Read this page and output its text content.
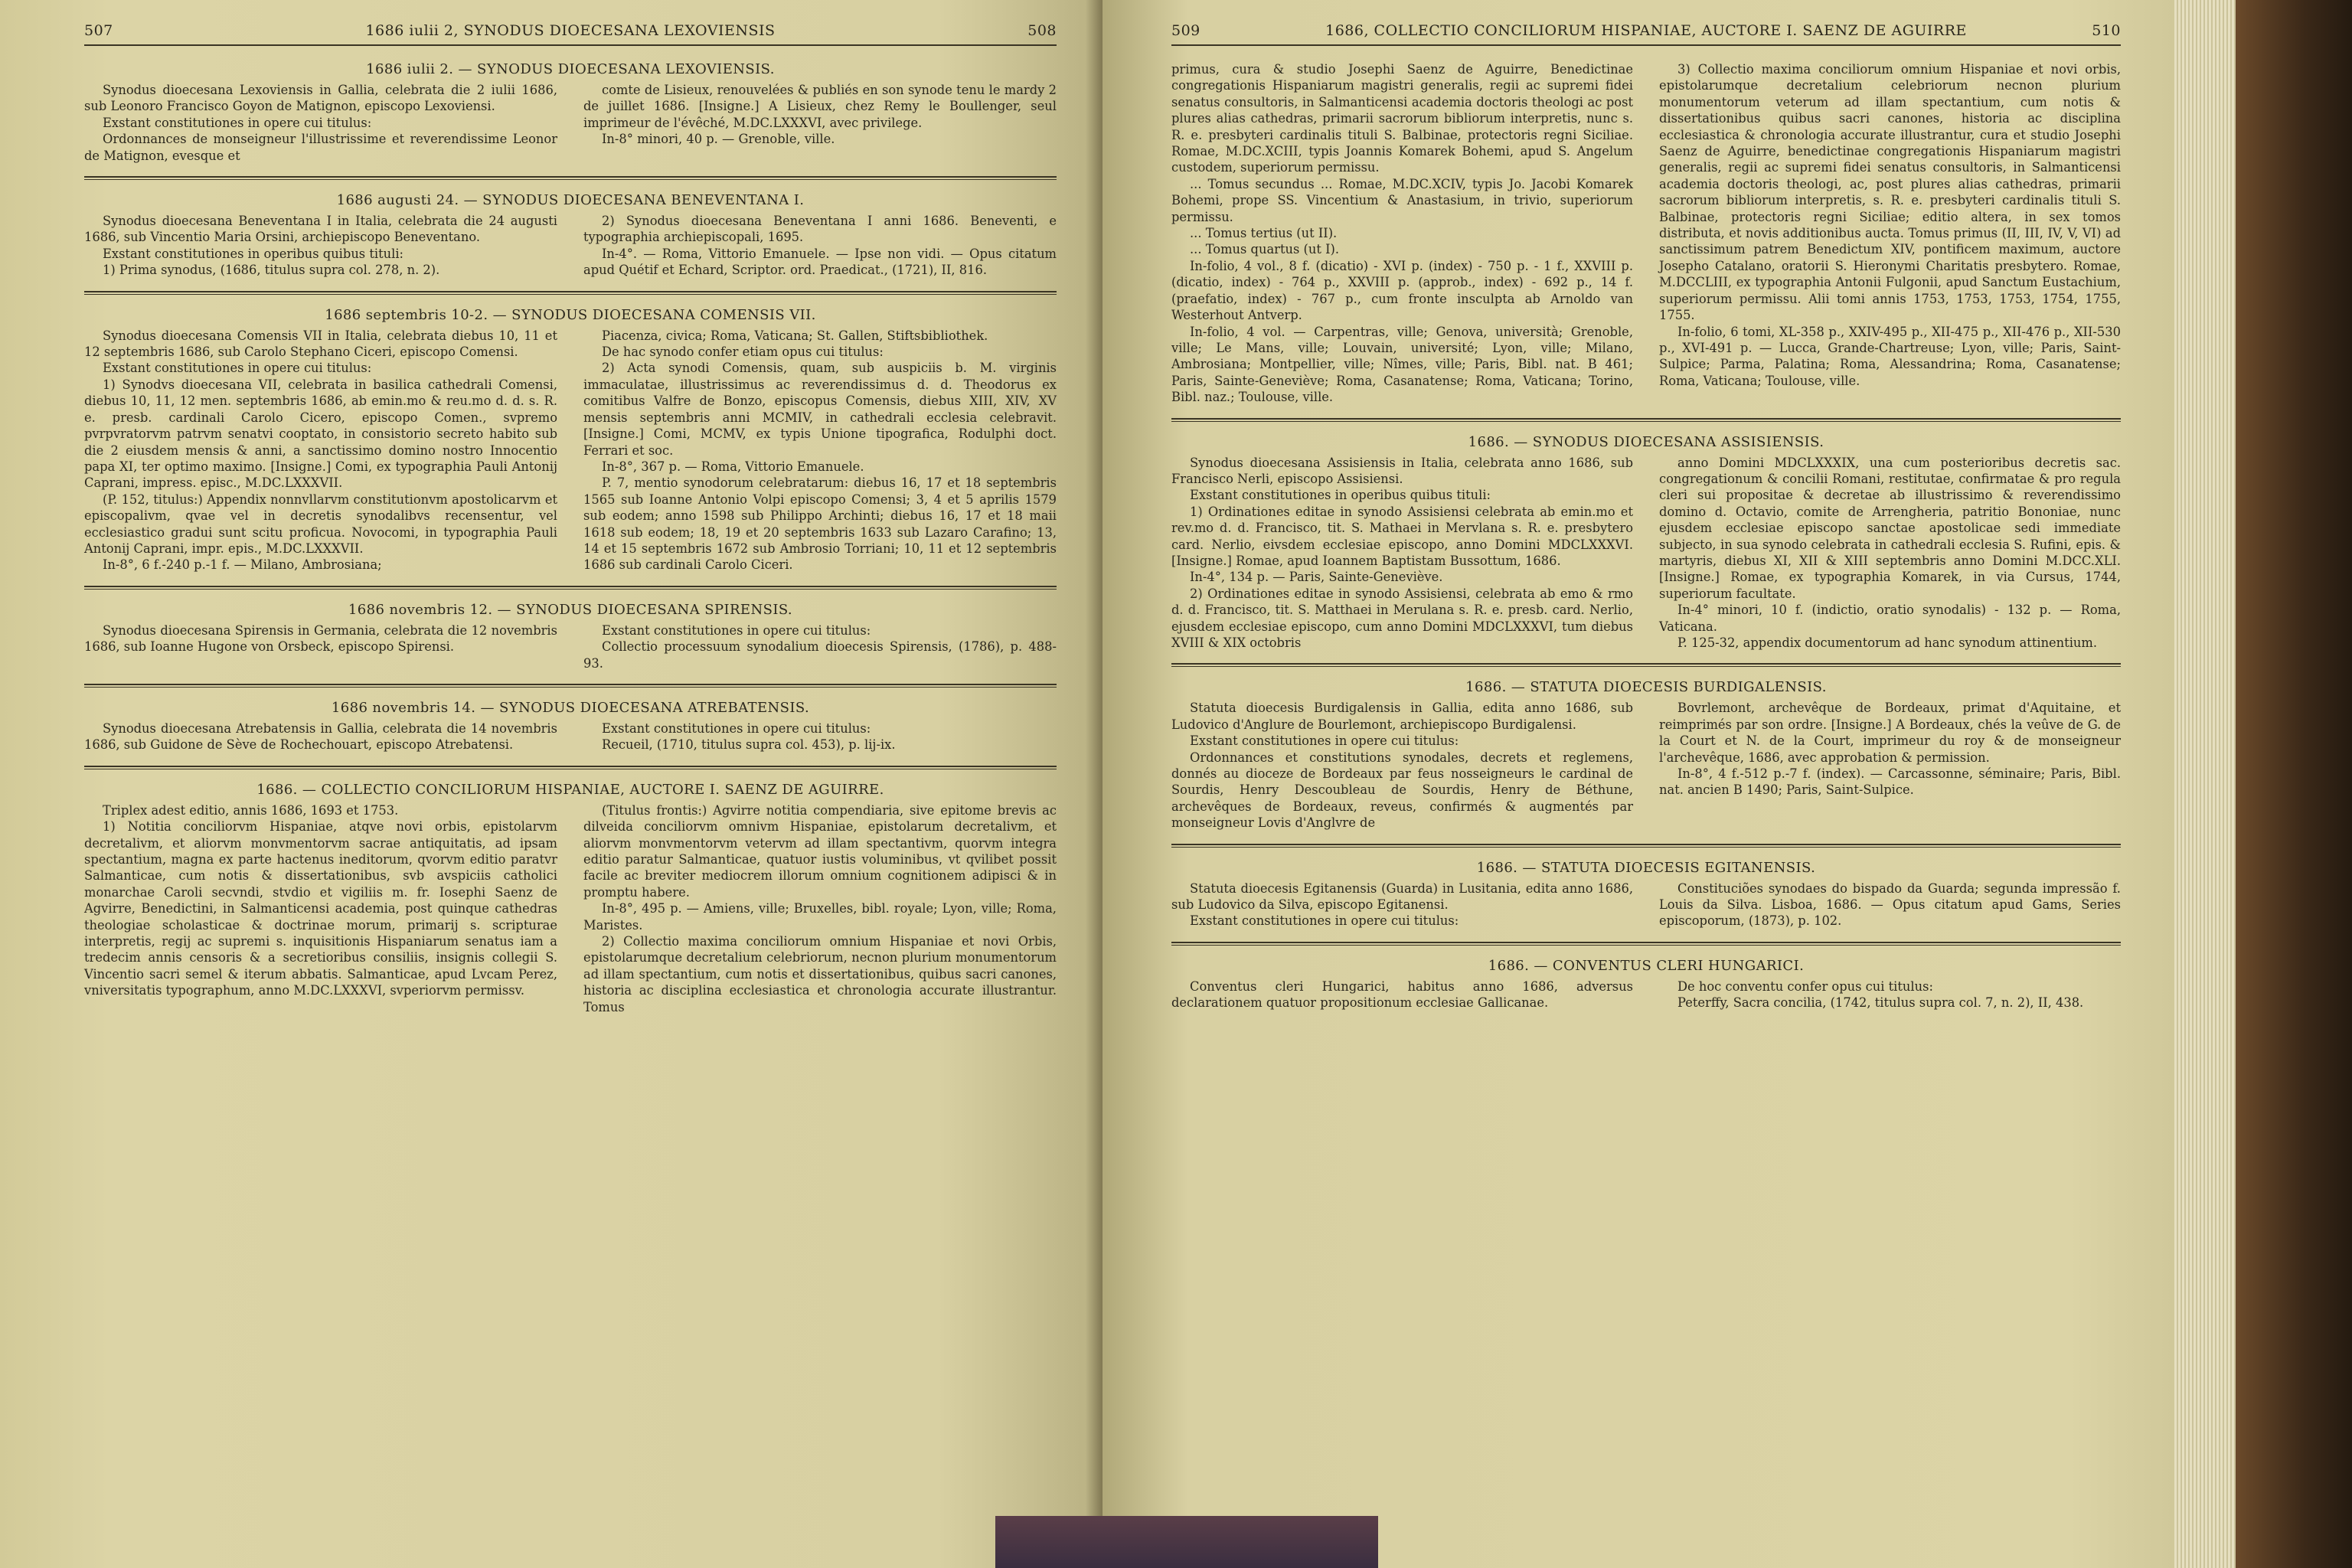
507	1686 iulii 2, SYNODUS DIOECESANA LEXOVIENSIS	508
1686 iulii 2. — SYNODUS DIOECESANA LEXOVIENSIS.

Synodus dioecesana Lexoviensis in Gallia, celebrata die 2 iulii 1686, sub Leonoro Francisco Goyon de Matignon, episcopo Lexoviensi.

Exstant constitutiones in opere cui titulus:

Ordonnances de monseigneur l'illustrissime et reverendissime Leonor de Matignon, evesque et

comte de Lisieux, renouvelées & publiés en son synode tenu le mardy 2 de juillet 1686. [Insigne.] A Lisieux, chez Remy le Boullenger, seul imprimeur de l'évêché, M.DC.LXXXVI, avec privilege.

In-8° minori, 40 p. — Grenoble, ville.

1686 augusti 24. — SYNODUS DIOECESANA BENEVENTANA I.

Synodus dioecesana Beneventana I in Italia, celebrata die 24 augusti 1686, sub Vincentio Maria Orsini, archiepiscopo Beneventano.

Exstant constitutiones in operibus quibus tituli:

1) Prima synodus, (1686, titulus supra col. 278, n. 2).

2) Synodus dioecesana Beneventana I anni 1686. Beneventi, e typographia archiepiscopali, 1695.

In-4°. — Roma, Vittorio Emanuele. — Ipse non vidi. — Opus citatum apud Quétif et Echard, Scriptor. ord. Praedicat., (1721), II, 816.

1686 septembris 10-2. — SYNODUS DIOECESANA COMENSIS VII.

Synodus dioecesana Comensis VII in Italia, celebrata diebus 10, 11 et 12 septembris 1686, sub Carolo Stephano Ciceri, episcopo Comensi.

Exstant constitutiones in opere cui titulus:

1) Synodvs dioecesana VII, celebrata in basilica cathedrali Comensi, diebus 10, 11, 12 men. septembris 1686, ab emin.mo & reu.mo d. d. s. R. e. presb. cardinali Carolo Cicero, episcopo Comen., svpremo pvrpvratorvm patrvm senatvi cooptato, in consistorio secreto habito sub die 2 eiusdem mensis & anni, a sanctissimo domino nostro Innocentio papa XI, ter optimo maximo. [Insigne.] Comi, ex typographia Pauli Antonij Caprani, impress. episc., M.DC.LXXXVII.

(P. 152, titulus:) Appendix nonnvllarvm constitutionvm apostolicarvm et episcopalivm, qvae vel in decretis synodalibvs recensentur, vel ecclesiastico gradui sunt scitu proficua. Novocomi, in typographia Pauli Antonij Caprani, impr. epis., M.DC.LXXXVII.

In-8°, 6 f.-240 p.-1 f. — Milano, Ambrosiana;

Piacenza, civica; Roma, Vaticana; St. Gallen, Stiftsbibliothek.

De hac synodo confer etiam opus cui titulus:

2) Acta synodi Comensis, quam, sub auspiciis b. M. virginis immaculatae, illustrissimus ac reverendissimus d. d. Theodorus ex comitibus Valfre de Bonzo, episcopus Comensis, diebus XIII, XIV, XV mensis septembris anni MCMIV, in cathedrali ecclesia celebravit. [Insigne.] Comi, MCMV, ex typis Unione tipografica, Rodulphi doct. Ferrari et soc.

In-8°, 367 p. — Roma, Vittorio Emanuele.

P. 7, mentio synodorum celebratarum: diebus 16, 17 et 18 septembris 1565 sub Ioanne Antonio Volpi episcopo Comensi; 3, 4 et 5 aprilis 1579 sub eodem; anno 1598 sub Philippo Archinti; diebus 16, 17 et 18 maii 1618 sub eodem; 18, 19 et 20 septembris 1633 sub Lazaro Carafino; 13, 14 et 15 septembris 1672 sub Ambrosio Torriani; 10, 11 et 12 septembris 1686 sub cardinali Carolo Ciceri.

1686 novembris 12. — SYNODUS DIOECESANA SPIRENSIS.

Synodus dioecesana Spirensis in Germania, celebrata die 12 novembris 1686, sub Ioanne Hugone von Orsbeck, episcopo Spirensi.

Exstant constitutiones in opere cui titulus:

Collectio processuum synodalium dioecesis Spirensis, (1786), p. 488-93.

1686 novembris 14. — SYNODUS DIOECESANA ATREBATENSIS.

Synodus dioecesana Atrebatensis in Gallia, celebrata die 14 novembris 1686, sub Guidone de Sève de Rochechouart, episcopo Atrebatensi.

Exstant constitutiones in opere cui titulus:

Recueil, (1710, titulus supra col. 453), p. lij-ix.

1686. — COLLECTIO CONCILIORUM HISPANIAE, AUCTORE I. SAENZ DE AGUIRRE.

Triplex adest editio, annis 1686, 1693 et 1753.

1) Notitia conciliorvm Hispaniae, atqve novi orbis, epistolarvm decretalivm, et aliorvm monvmentorvm sacrae antiquitatis, ad ipsam spectantium, magna ex parte hactenus ineditorum, qvorvm editio paratvr Salmanticae, cum notis & dissertationibus, svb avspiciis catholici monarchae Caroli secvndi, stvdio et vigiliis m. fr. Iosephi Saenz de Agvirre, Benedictini, in Salmanticensi academia, post quinque cathedras theologiae scholasticae & doctrinae morum, primarij s. scripturae interpretis, regij ac supremi s. inquisitionis Hispaniarum senatus iam a tredecim annis censoris & a secretioribus consiliis, insignis collegii S. Vincentio sacri semel & iterum abbatis. Salmanticae, apud Lvcam Perez, vniversitatis typographum, anno M.DC.LXXXVI, svperiorvm permissv.

(Titulus frontis:) Agvirre notitia compendiaria, sive epitome brevis ac dilveida conciliorvm omnivm Hispaniae, epistolarum decretalivm, et aliorvm monvmentorvm vetervm ad illam spectantivm, quorvm integra editio paratur Salmanticae, quatuor iustis voluminibus, vt qvilibet possit facile ac breviter mediocrem illorum omnium cognitionem adipisci & in promptu habere.

In-8°, 495 p. — Amiens, ville; Bruxelles, bibl. royale; Lyon, ville; Roma, Maristes.

2) Collectio maxima conciliorum omnium Hispaniae et novi Orbis, epistolarumque decretalium celebriorum, necnon plurium monumentorum ad illam spectantium, cum notis et dissertationibus, quibus sacri canones, historia ac disciplina ecclesiastica et chronologia accurate illustrantur. Tomus

509	1686, COLLECTIO CONCILIORUM HISPANIAE, AUCTORE I. SAENZ DE AGUIRRE	510

primus, cura & studio Josephi Saenz de Aguirre, Benedictinae congregationis Hispaniarum magistri generalis, regii ac supremi fidei senatus consultoris, in Salmanticensi academia doctoris theologi ac post plures alias cathedras, primarii sacrorum bibliorum interpretis, nunc s. R. e. presbyteri cardinalis tituli S. Balbinae, protectoris regni Siciliae. Romae, M.DC.XCIII, typis Joannis Komarek Bohemi, apud S. Angelum custodem, superiorum permissu.

... Tomus secundus ... Romae, M.DC.XCIV, typis Jo. Jacobi Komarek Bohemi, prope SS. Vincentium & Anastasium, in trivio, superiorum permissu.

... Tomus tertius (ut II).

... Tomus quartus (ut I).

In-folio, 4 vol., 8 f. (dicatio) - XVI p. (index) - 750 p. - 1 f., XXVIII p. (dicatio, index) - 764 p., XXVIII p. (approb., index) - 692 p., 14 f. (praefatio, index) - 767 p., cum fronte insculpta ab Arnoldo van Westerhout Antverp.

In-folio, 4 vol. — Carpentras, ville; Genova, università; Grenoble, ville; Le Mans, ville; Louvain, université; Lyon, ville; Milano, Ambrosiana; Montpellier, ville; Nîmes, ville; Paris, Bibl. nat. B 461; Paris, Sainte-Geneviève; Roma, Casanatense; Roma, Vaticana; Torino, Bibl. naz.; Toulouse, ville.

3) Collectio maxima conciliorum omnium Hispaniae et novi orbis, epistolarumque decretalium celebriorum necnon plurium monumentorum veterum ad illam spectantium, cum notis & dissertationibus quibus sacri canones, historia ac disciplina ecclesiastica & chronologia accurate illustrantur, cura et studio Josephi Saenz de Aguirre, benedictinae congregationis Hispaniarum magistri generalis, regii ac supremi fidei senatus consultoris, in Salmanticensi academia doctoris theologi, ac, post plures alias cathedras, primarii sacrorum bibliorum interpretis, s. R. e. presbyteri cardinalis tituli S. Balbinae, protectoris regni Siciliae; editio altera, in sex tomos distributa, et novis additionibus aucta. Tomus primus (II, III, IV, V, VI) ad sanctissimum patrem Benedictum XIV, pontificem maximum, auctore Josepho Catalano, oratorii S. Hieronymi Charitatis presbytero. Romae, M.DCCLIII, ex typographia Antonii Fulgonii, apud Sanctum Eustachium, superiorum permissu. Alii tomi annis 1753, 1753, 1753, 1754, 1755, 1755.

In-folio, 6 tomi, XL-358 p., XXIV-495 p., XII-475 p., XII-476 p., XII-530 p., XVI-491 p. — Lucca, Grande-Chartreuse; Lyon, ville; Paris, Saint-Sulpice; Parma, Palatina; Roma, Alessandrina; Roma, Casanatense; Roma, Vaticana; Toulouse, ville.

1686. — SYNODUS DIOECESANA ASSISIENSIS.

Synodus dioecesana Assisiensis in Italia, celebrata anno 1686, sub Francisco Nerli, episcopo Assisiensi.

Exstant constitutiones in operibus quibus tituli:

1) Ordinationes editae in synodo Assisiensi celebrata ab emin.mo et rev.mo d. d. Francisco, tit. S. Mathaei in Mervlana s. R. e. presbytero card. Nerlio, eivsdem ecclesiae episcopo, anno Domini MDCLXXXVI. [Insigne.] Romae, apud Ioannem Baptistam Bussottum, 1686.

In-4°, 134 p. — Paris, Sainte-Geneviève.

2) Ordinationes editae in synodo Assisiensi, celebrata ab emo & rmo d. d. Francisco, tit. S. Matthaei in Merulana s. R. e. presb. card. Nerlio, ejusdem ecclesiae episcopo, cum anno Domini MDCLXXXVI, tum diebus XVIII & XIX octobris

anno Domini MDCLXXXIX, una cum posterioribus decretis sac. congregationum & concilii Romani, restitutae, confirmatae & pro regula cleri sui propositae & decretae ab illustrissimo & reverendissimo domino d. Octavio, comite de Arrengheria, patritio Bononiae, nunc ejusdem ecclesiae episcopo sanctae apostolicae sedi immediate subjecto, in sua synodo celebrata in cathedrali ecclesia S. Rufini, epis. & martyris, diebus XI, XII & XIII septembris anno Domini M.DCC.XLI. [Insigne.] Romae, ex typographia Komarek, in via Cursus, 1744, superiorum facultate.

In-4° minori, 10 f. (indictio, oratio synodalis) - 132 p. — Roma, Vaticana.

P. 125-32, appendix documentorum ad hanc synodum attinentium.

1686. — STATUTA DIOECESIS BURDIGALENSIS.

Statuta dioecesis Burdigalensis in Gallia, edita anno 1686, sub Ludovico d'Anglure de Bourlemont, archiepiscopo Burdigalensi.

Exstant constitutiones in opere cui titulus:

Ordonnances et constitutions synodales, decrets et reglemens, donnés au dioceze de Bordeaux par feus nosseigneurs le cardinal de Sourdis, Henry Descoubleau de Sourdis, Henry de Béthune, archevêques de Bordeaux, reveus, confirmés & augmentés par monseigneur Lovis d'Anglvre de

Bovrlemont, archevêque de Bordeaux, primat d'Aquitaine, et reimprimés par son ordre. [Insigne.] A Bordeaux, chés la veûve de G. de la Court et N. de la Court, imprimeur du roy & de monseigneur l'archevêque, 1686, avec approbation & permission.

In-8°, 4 f.-512 p.-7 f. (index). — Carcassonne, séminaire; Paris, Bibl. nat. ancien B 1490; Paris, Saint-Sulpice.

1686. — STATUTA DIOECESIS EGITANENSIS.

Statuta dioecesis Egitanensis (Guarda) in Lusitania, edita anno 1686, sub Ludovico da Silva, episcopo Egitanensi.

Exstant constitutiones in opere cui titulus:

Constituciões synodaes do bispado da Guarda; segunda impressão f. Louis da Silva. Lisboa, 1686. — Opus citatum apud Gams, Series episcoporum, (1873), p. 102.

1686. — CONVENTUS CLERI HUNGARICI.

Conventus cleri Hungarici, habitus anno 1686, adversus declarationem quatuor propositionum ecclesiae Gallicanae.

De hoc conventu confer opus cui titulus:

Peterffy, Sacra concilia, (1742, titulus supra col. 7, n. 2), II, 438.
